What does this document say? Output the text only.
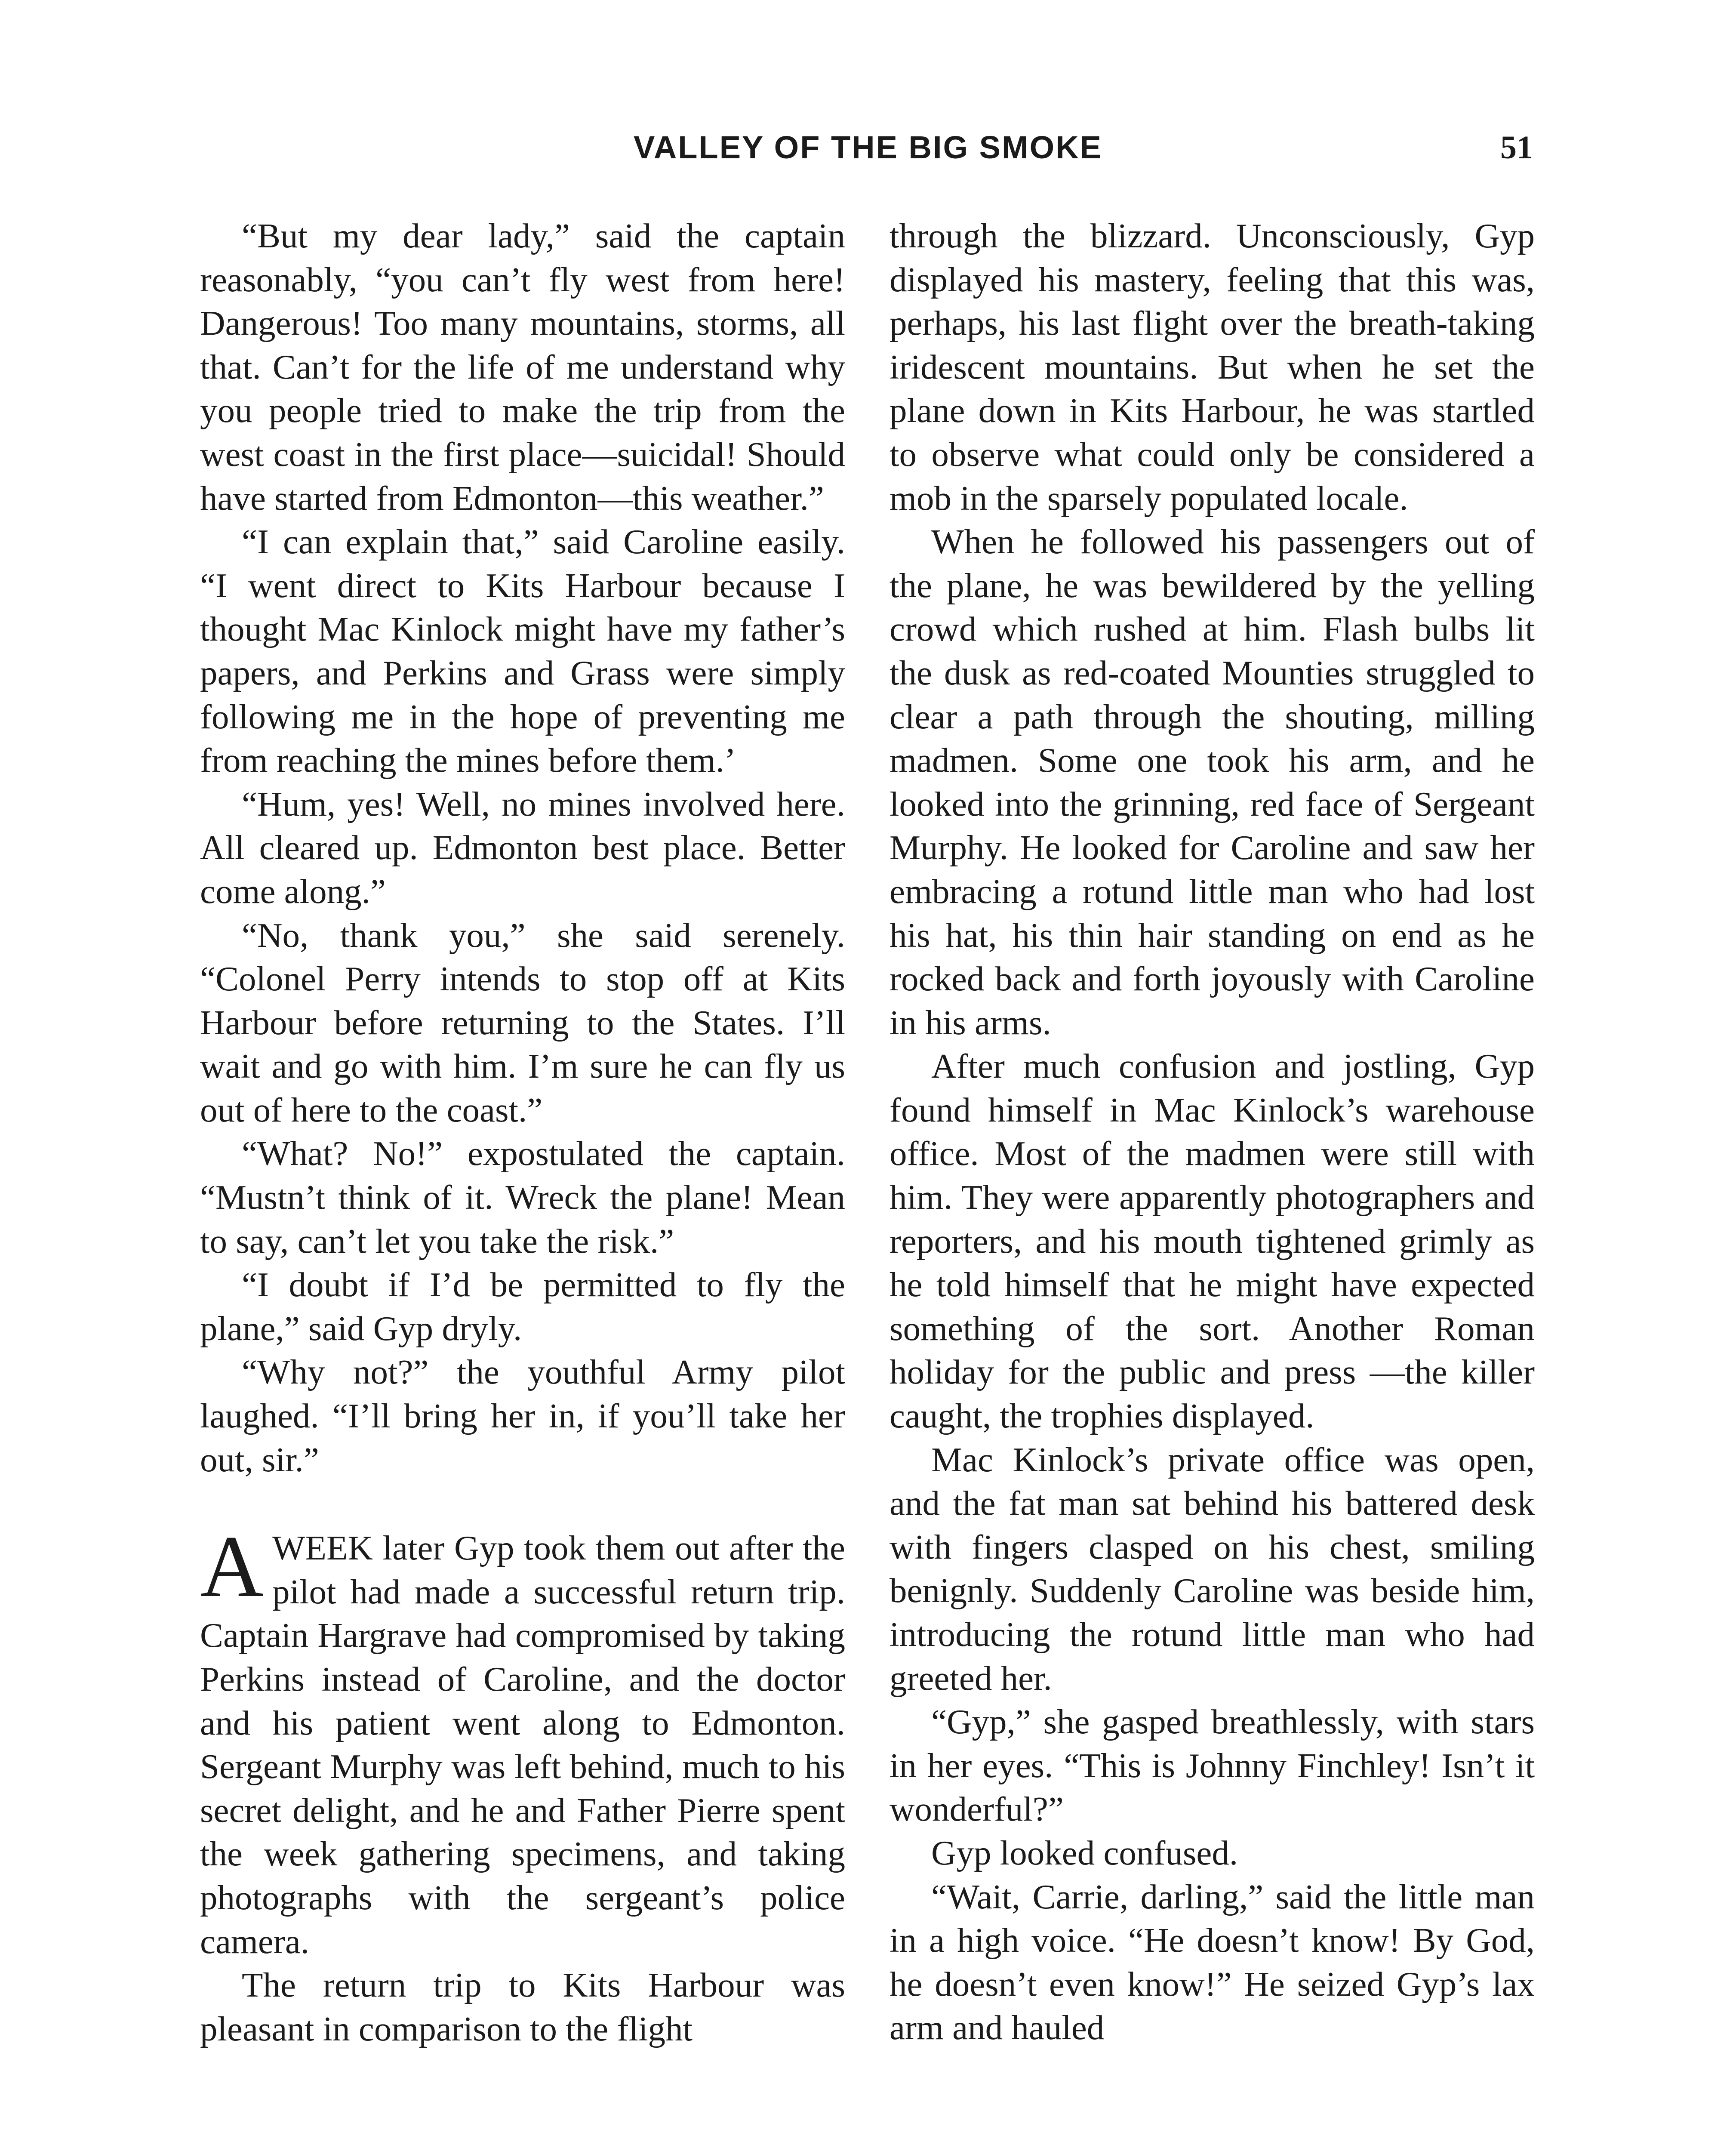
VALLEY OF THE BIG SMOKE	51

“But my dear lady,” said the captain reasonably, “you can’t fly west from here! Dangerous! Too many mountains, storms, all that. Can’t for the life of me understand why you people tried to make the trip from the west coast in the first place—suicidal! Should have started from Edmonton—this weather.”

“I can explain that,” said Caroline easily. “I went direct to Kits Harbour because I thought Mac Kinlock might have my father’s papers, and Perkins and Grass were simply following me in the hope of preventing me from reaching the mines before them.’

“Hum, yes! Well, no mines involved here. All cleared up. Edmonton best place. Better come along.”

“No, thank you,” she said serenely. “Colonel Perry intends to stop off at Kits Harbour before returning to the States. I’ll wait and go with him. I’m sure he can fly us out of here to the coast.”

“What? No!” expostulated the captain. “Mustn’t think of it. Wreck the plane! Mean to say, can’t let you take the risk.”

“I doubt if I’d be permitted to fly the plane,” said Gyp dryly.

“Why not?” the youthful Army pilot laughed. “I’ll bring her in, if you’ll take her out, sir.”

AWEEK later Gyp took them out after the pilot had made a successful return trip. Captain Hargrave had compromised by taking Perkins instead of Caroline, and the doctor and his patient went along to Edmonton. Sergeant Murphy was left behind, much to his secret delight, and he and Father Pierre spent the week gathering specimens, and taking photographs with the sergeant’s police camera.

The return trip to Kits Harbour was pleasant in comparison to the flight

through the blizzard. Unconsciously, Gyp displayed his mastery, feeling that this was, perhaps, his last flight over the breath-taking iridescent mountains. But when he set the plane down in Kits Harbour, he was startled to observe what could only be considered a mob in the sparsely populated locale.

When he followed his passengers out of the plane, he was bewildered by the yelling crowd which rushed at him. Flash bulbs lit the dusk as red-coated Mounties struggled to clear a path through the shouting, milling madmen. Some one took his arm, and he looked into the grinning, red face of Sergeant Murphy. He looked for Caroline and saw her embracing a rotund little man who had lost his hat, his thin hair standing on end as he rocked back and forth joyously with Caroline in his arms.

After much confusion and jostling, Gyp found himself in Mac Kinlock’s warehouse office. Most of the madmen were still with him. They were apparently photographers and reporters, and his mouth tightened grimly as he told himself that he might have expected something of the sort. Another Roman holiday for the public and press —the killer caught, the trophies displayed.

Mac Kinlock’s private office was open, and the fat man sat behind his battered desk with fingers clasped on his chest, smiling benignly. Suddenly Caroline was beside him, introducing the rotund little man who had greeted her.

“Gyp,” she gasped breathlessly, with stars in her eyes. “This is Johnny Finchley! Isn’t it wonderful?”

Gyp looked confused.

“Wait, Carrie, darling,” said the little man in a high voice. “He doesn’t know! By God, he doesn’t even know!” He seized Gyp’s lax arm and hauled
